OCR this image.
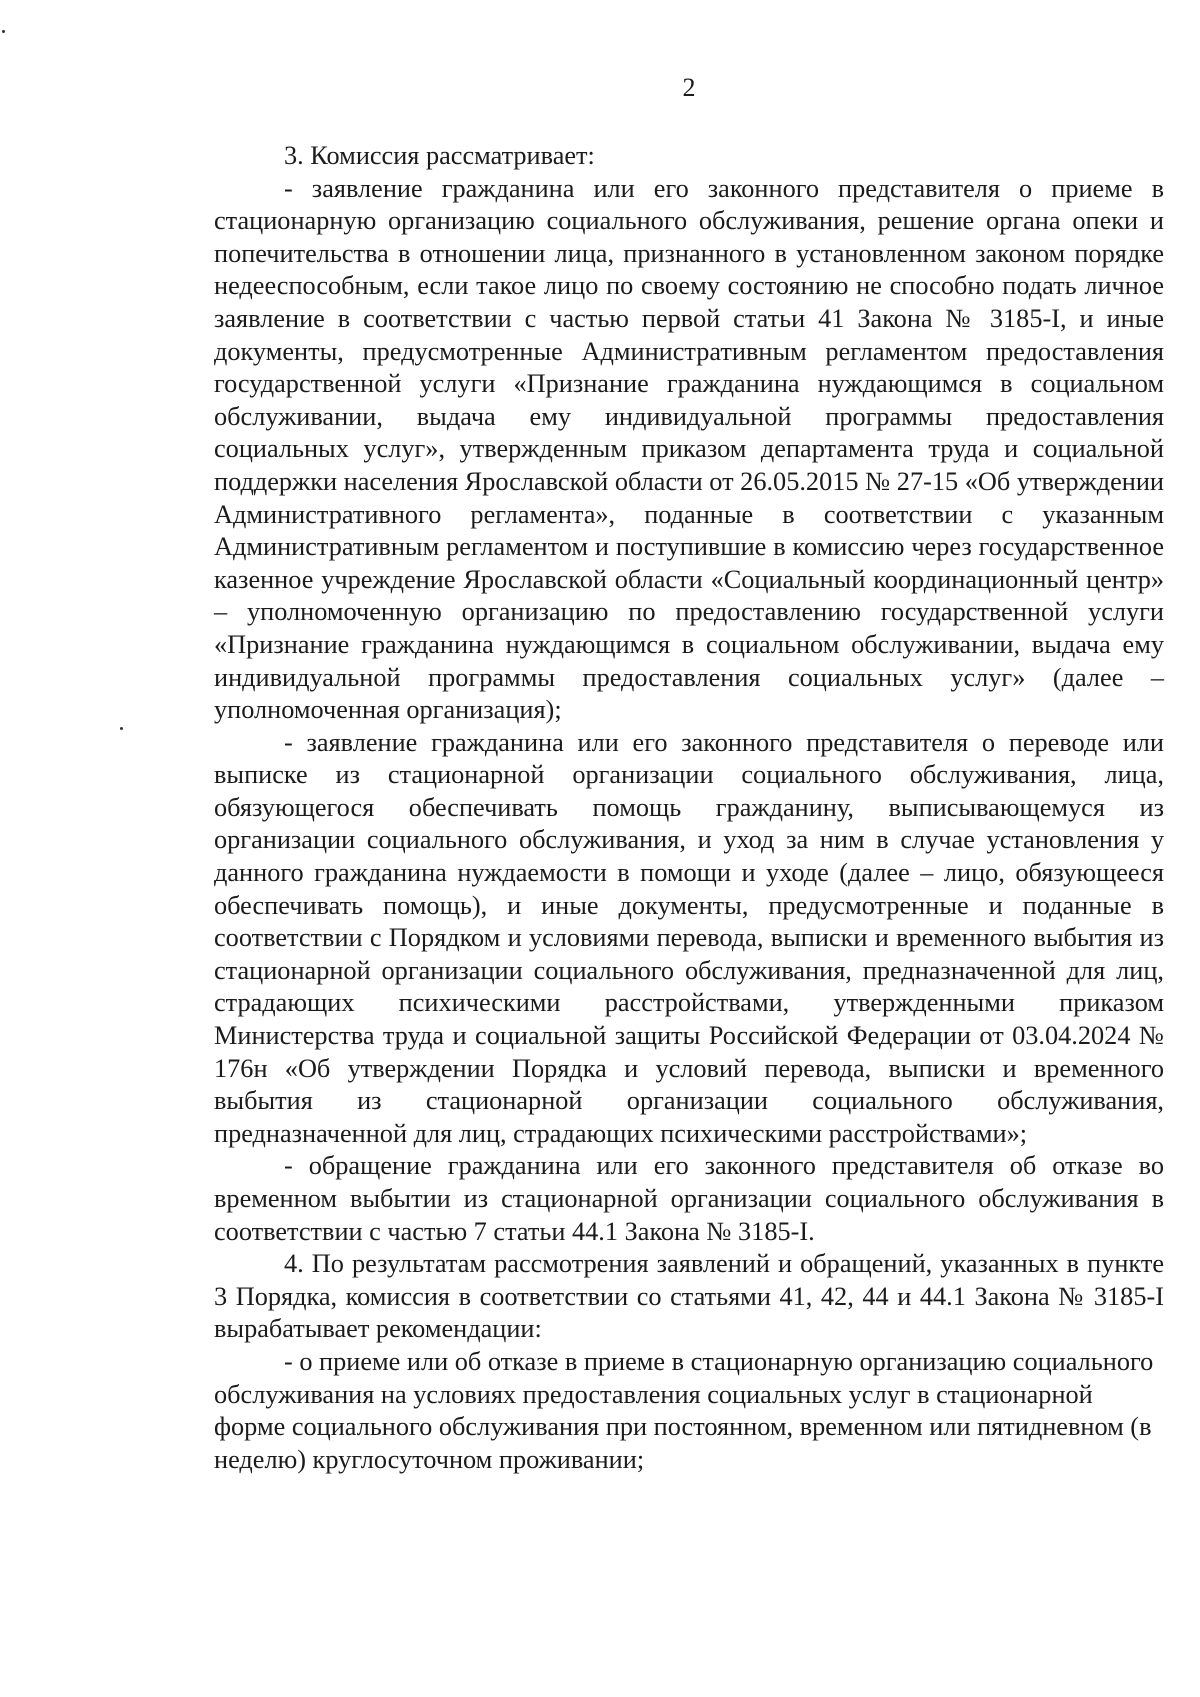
2

3. Комиссия рассматривает:

- заявление гражданина или его законного представителя о приеме в стационарную организацию социального обслуживания, решение органа опеки и попечительства в отношении лица, признанного в установленном законом порядке недееспособным, если такое лицо по своему состоянию не способно подать личное заявление в соответствии с частью первой статьи 41 Закона № 3185-I, и иные документы, предусмотренные Административным регламентом предоставления государственной услуги «Признание гражданина нуждающимся в социальном обслуживании, выдача ему индивидуальной программы предоставления социальных услуг», утвержденным приказом департамента труда и социальной поддержки населения Ярославской области от 26.05.2015 № 27-15 «Об утверждении Административного регламента», поданные в соответствии с указанным Административным регламентом и поступившие в комиссию через государственное казенное учреждение Ярославской области «Социальный координационный центр» – уполномоченную организацию по предоставлению государственной услуги «Признание гражданина нуждающимся в социальном обслуживании, выдача ему индивидуальной программы предоставления социальных услуг» (далее – уполномоченная организация);

- заявление гражданина или его законного представителя о переводе или выписке из стационарной организации социального обслуживания, лица, обязующегося обеспечивать помощь гражданину, выписывающемуся из организации социального обслуживания, и уход за ним в случае установления у данного гражданина нуждаемости в помощи и уходе (далее – лицо, обязующееся обеспечивать помощь), и иные документы, предусмотренные и поданные в соответствии с Порядком и условиями перевода, выписки и временного выбытия из стационарной организации социального обслуживания, предназначенной для лиц, страдающих психическими расстройствами, утвержденными приказом Министерства труда и социальной защиты Российской Федерации от 03.04.2024 № 176н «Об утверждении Порядка и условий перевода, выписки и временного выбытия из стационарной организации социального обслуживания, предназначенной для лиц, страдающих психическими расстройствами»;

- обращение гражданина или его законного представителя об отказе во временном выбытии из стационарной организации социального обслуживания в соответствии с частью 7 статьи 44.1 Закона № 3185-I.

4. По результатам рассмотрения заявлений и обращений, указанных в пункте 3 Порядка, комиссия в соответствии со статьями 41, 42, 44 и 44.1 Закона № 3185-I вырабатывает рекомендации:

- о приеме или об отказе в приеме в стационарную организацию социального обслуживания на условиях предоставления социальных услуг в стационарной форме социального обслуживания при постоянном, временном или пятидневном (в неделю) круглосуточном проживании;
